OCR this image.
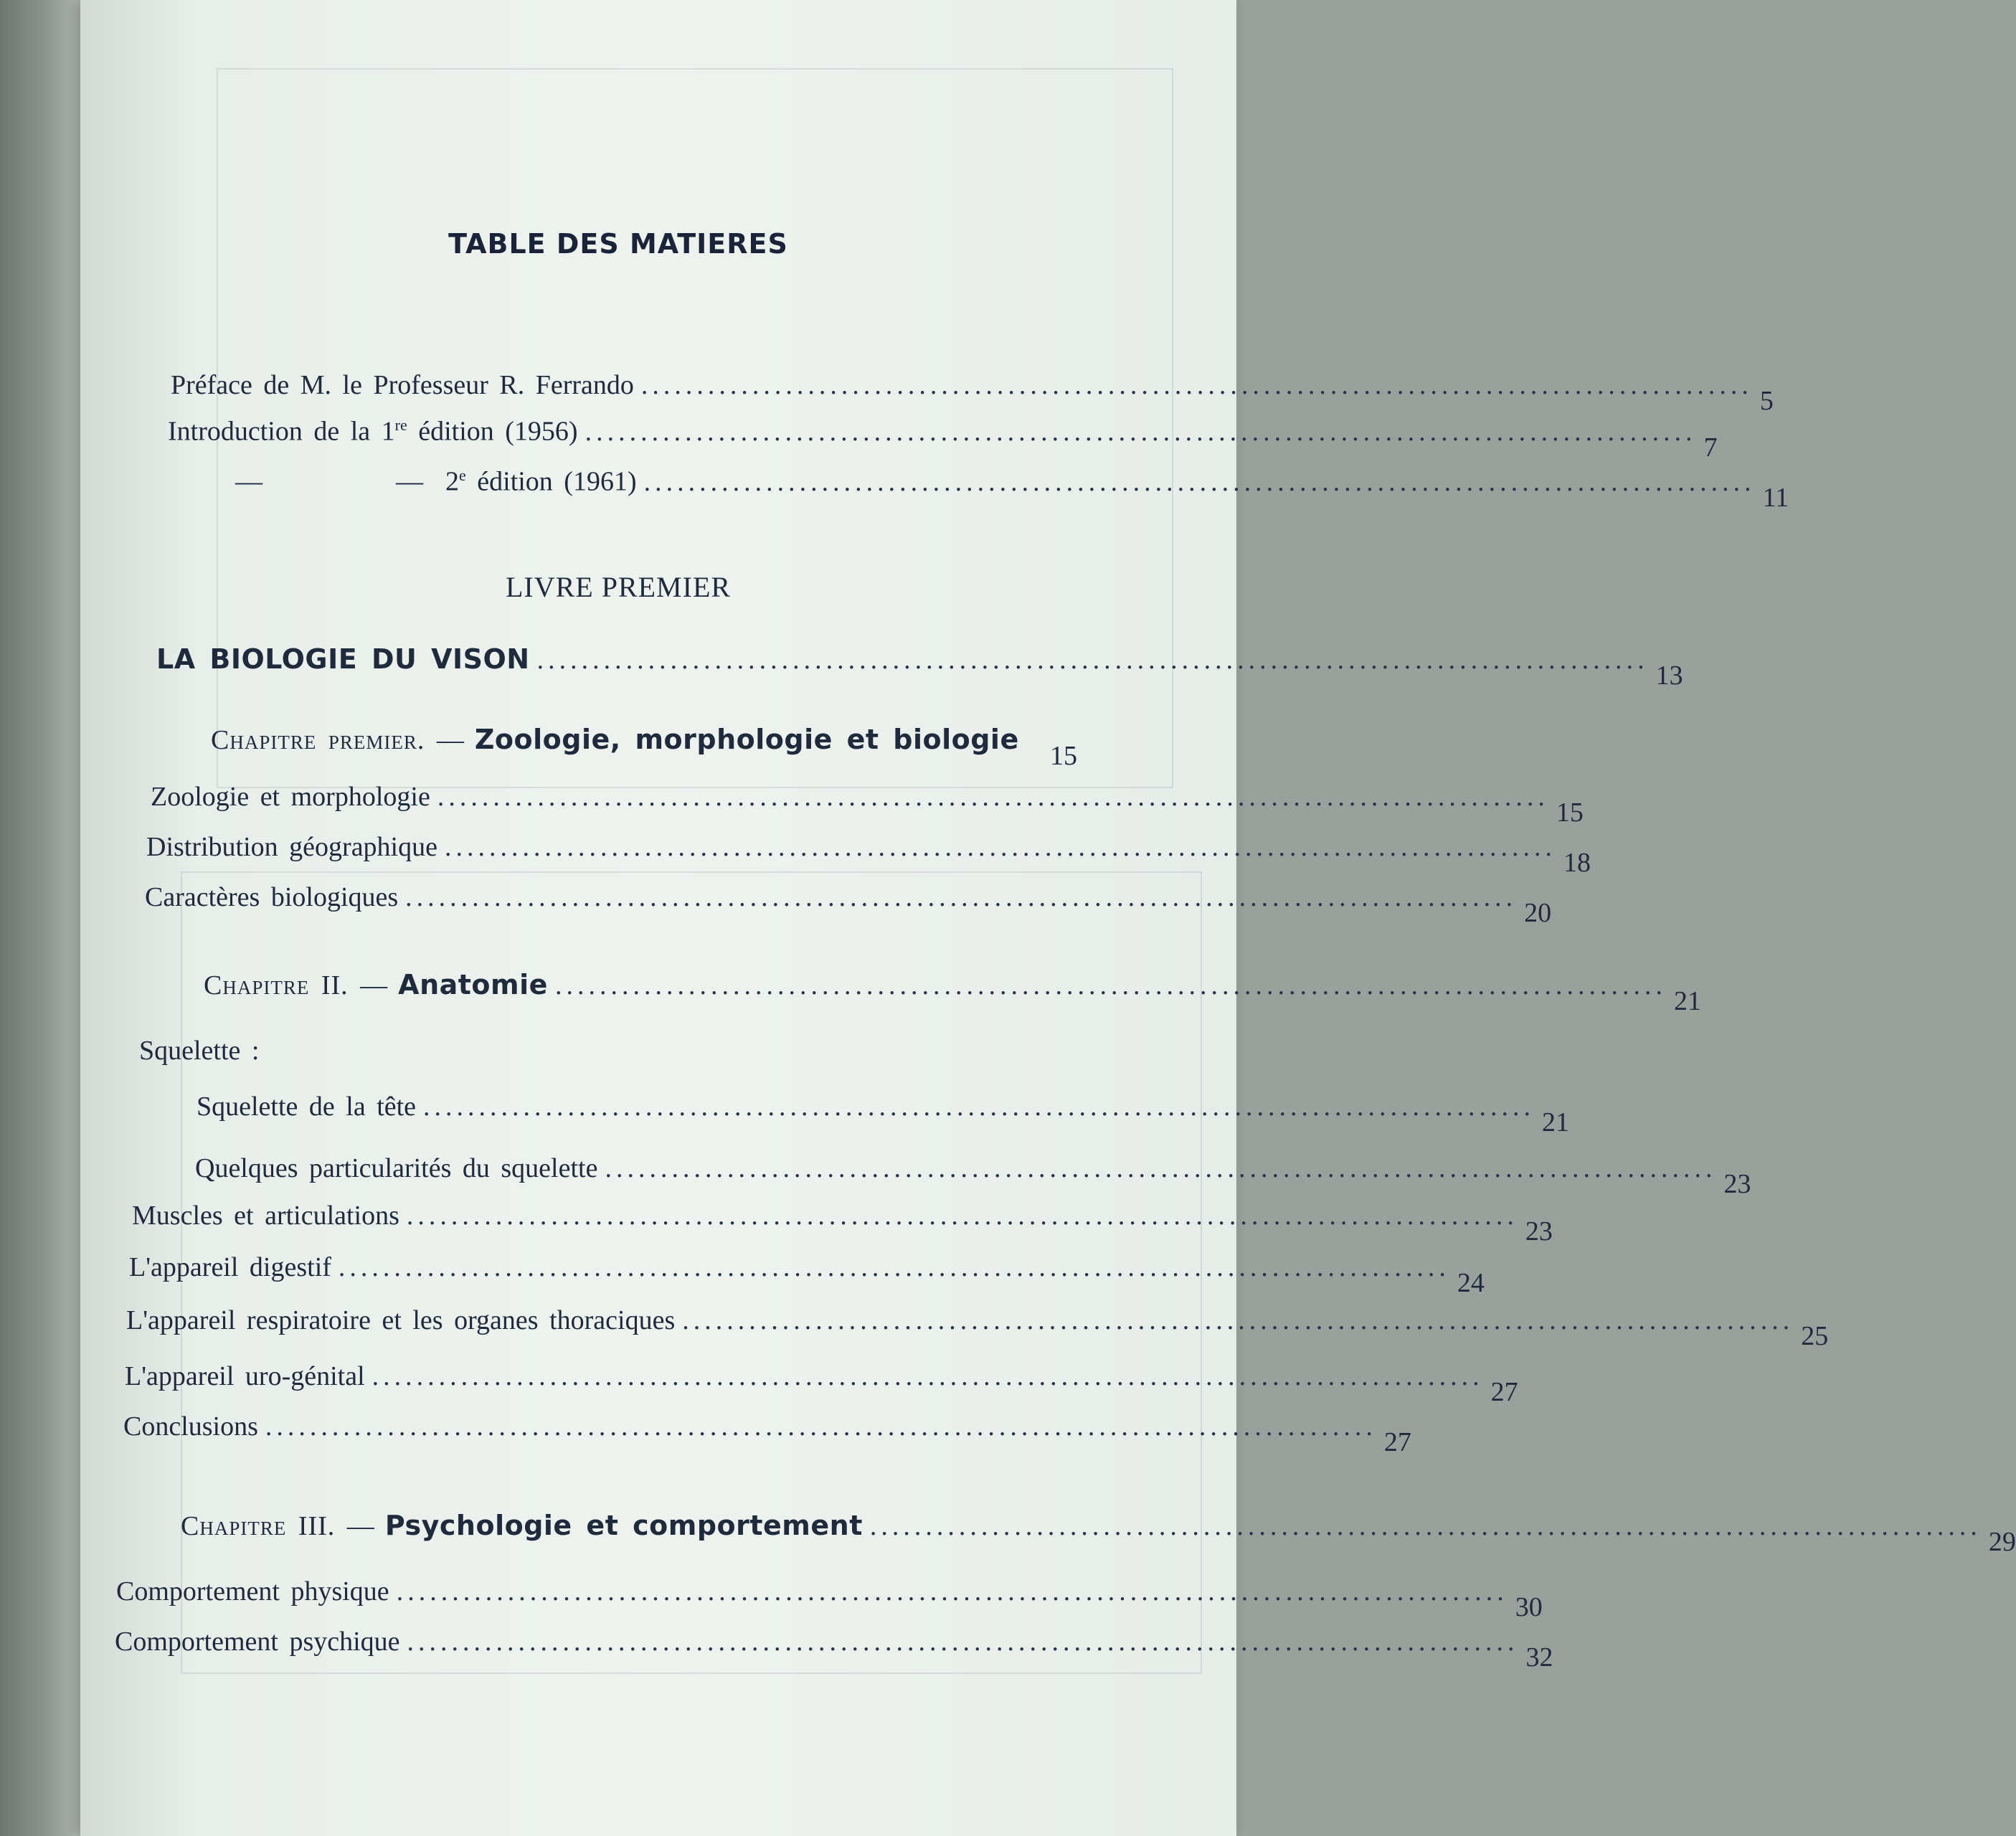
TABLE DES MATIERES
Préface de M. le Professeur R. Ferrando ....................................................................................................
5
Introduction de la 1re édition (1956) ....................................................................................................
7
—            —  2e édition (1961) ....................................................................................................
11
LIVRE PREMIER
LA BIOLOGIE DU VISON ....................................................................................................
13
Chapitre premier. — Zoologie, morphologie et biologie
15
Zoologie et morphologie ....................................................................................................
15
Distribution géographique ....................................................................................................
18
Caractères biologiques ....................................................................................................
20
Chapitre II. — Anatomie ....................................................................................................
21
Squelette :
Squelette de la tête ....................................................................................................
21
Quelques particularités du squelette ....................................................................................................
23
Muscles et articulations ....................................................................................................
23
L'appareil digestif ....................................................................................................
24
L'appareil respiratoire et les organes thoraciques ....................................................................................................
25
L'appareil uro-génital ....................................................................................................
27
Conclusions ....................................................................................................
27
Chapitre III. — Psychologie et comportement ....................................................................................................
29
Comportement physique ....................................................................................................
30
Comportement psychique ....................................................................................................
32
